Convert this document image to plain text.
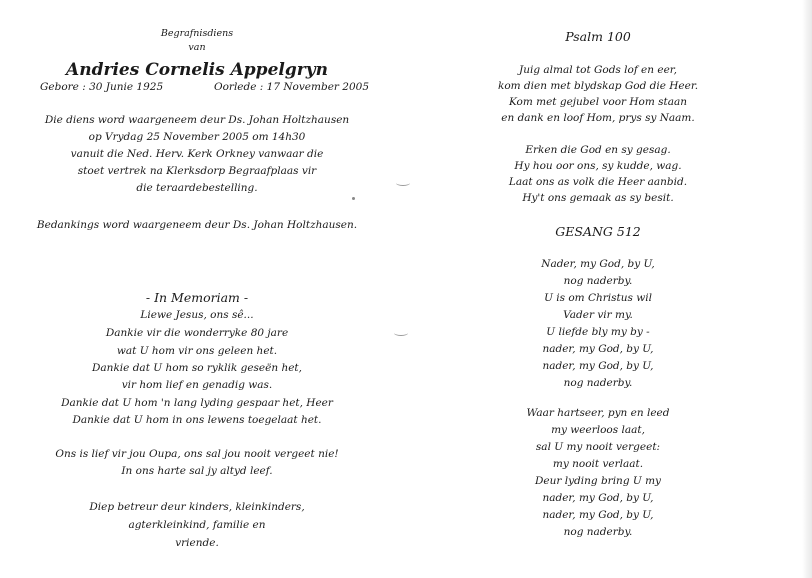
Begrafnisdiens
van
Andries Cornelis Appelgryn
Gebore : 30 Junie 1925	Oorlede : 17 November 2005
Die diens word waargeneem deur Ds. Johan Holtzhausen
op Vrydag 25 November 2005 om 14h30
vanuit die Ned. Herv. Kerk Orkney vanwaar die
stoet vertrek na Klerksdorp Begraafplaas vir
die teraardebestelling.
Bedankings word waargeneem deur Ds. Johan Holtzhausen.
- In Memoriam -
Liewe Jesus, ons sê...
Dankie vir die wonderryke 80 jare
wat U hom vir ons geleen het.
Dankie dat U hom so ryklik geseën het,
vir hom lief en genadig was.
Dankie dat U hom 'n lang lyding gespaar het, Heer
Dankie dat U hom in ons lewens toegelaat het.
Ons is lief vir jou Oupa, ons sal jou nooit vergeet nie!
In ons harte sal jy altyd leef.
Diep betreur deur kinders, kleinkinders,
agterkleinkind, familie en
vriende.
Psalm 100
Juig almal tot Gods lof en eer,
kom dien met blydskap God die Heer.
Kom met gejubel voor Hom staan
en dank en loof Hom, prys sy Naam.
Erken die God en sy gesag.
Hy hou oor ons, sy kudde, wag.
Laat ons as volk die Heer aanbid.
Hy't ons gemaak as sy besit.
GESANG 512
Nader, my God, by U,
nog naderby.
U is om Christus wil
Vader vir my.
U liefde bly my by -
nader, my God, by U,
nader, my God, by U,
nog naderby.
Waar hartseer, pyn en leed
my weerloos laat,
sal U my nooit vergeet:
my nooit verlaat.
Deur lyding bring U my
nader, my God, by U,
nader, my God, by U,
nog naderby.
